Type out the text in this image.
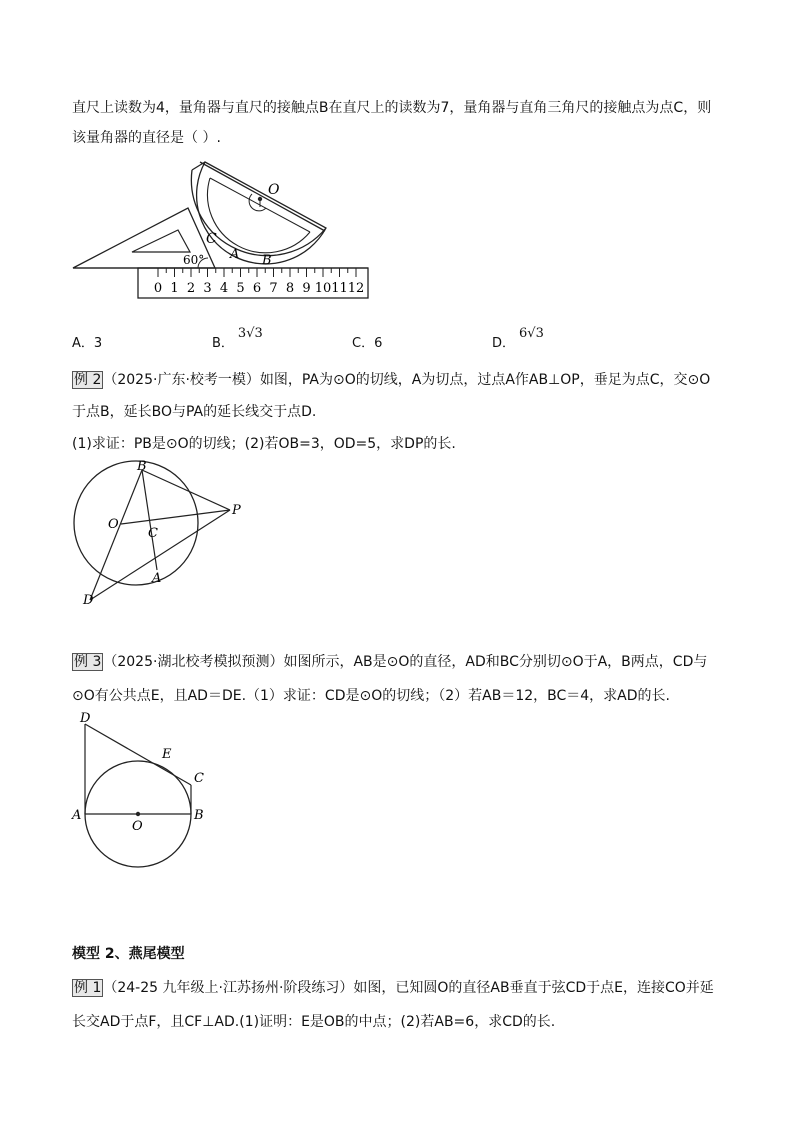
直尺上读数为4，量角器与直尺的接触点B在直尺上的读数为7，量角器与直角三角尺的接触点为点C，则
该量角器的直径是（ ）.
O
C
A B
60°
0 1 2 3 4 5 6 7 8 9 10 11 12
A．3	B．3√3
C．6	D．6√3
例 2 （2025·广东·校考一模）如图，PA为⊙O的切线，A为切点，过点A作AB⊥OP，垂足为点C，交⊙O
于点B，延长BO与PA的延长线交于点D.
(1)求证：PB是⊙O的切线；(2)若OB=3，OD=5，求DP的长.
B
O
C
P
A
D
例 3 （2025·湖北校考模拟预测）如图所示，AB是⊙O的直径，AD和BC分别切⊙O于A，B两点，CD与
⊙O有公共点E，且AD＝DE.（1）求证：CD是⊙O的切线；（2）若AB＝12，BC＝4，求AD的长.
D
E
C
A
O
B
模型 2、燕尾模型
例 1 （24-25 九年级上·江苏扬州·阶段练习）如图，已知圆O的直径AB垂直于弦CD于点E，连接CO并延
长交AD于点F，且CF⊥AD.(1)证明：E是OB的中点；(2)若AB=6，求CD的长.
